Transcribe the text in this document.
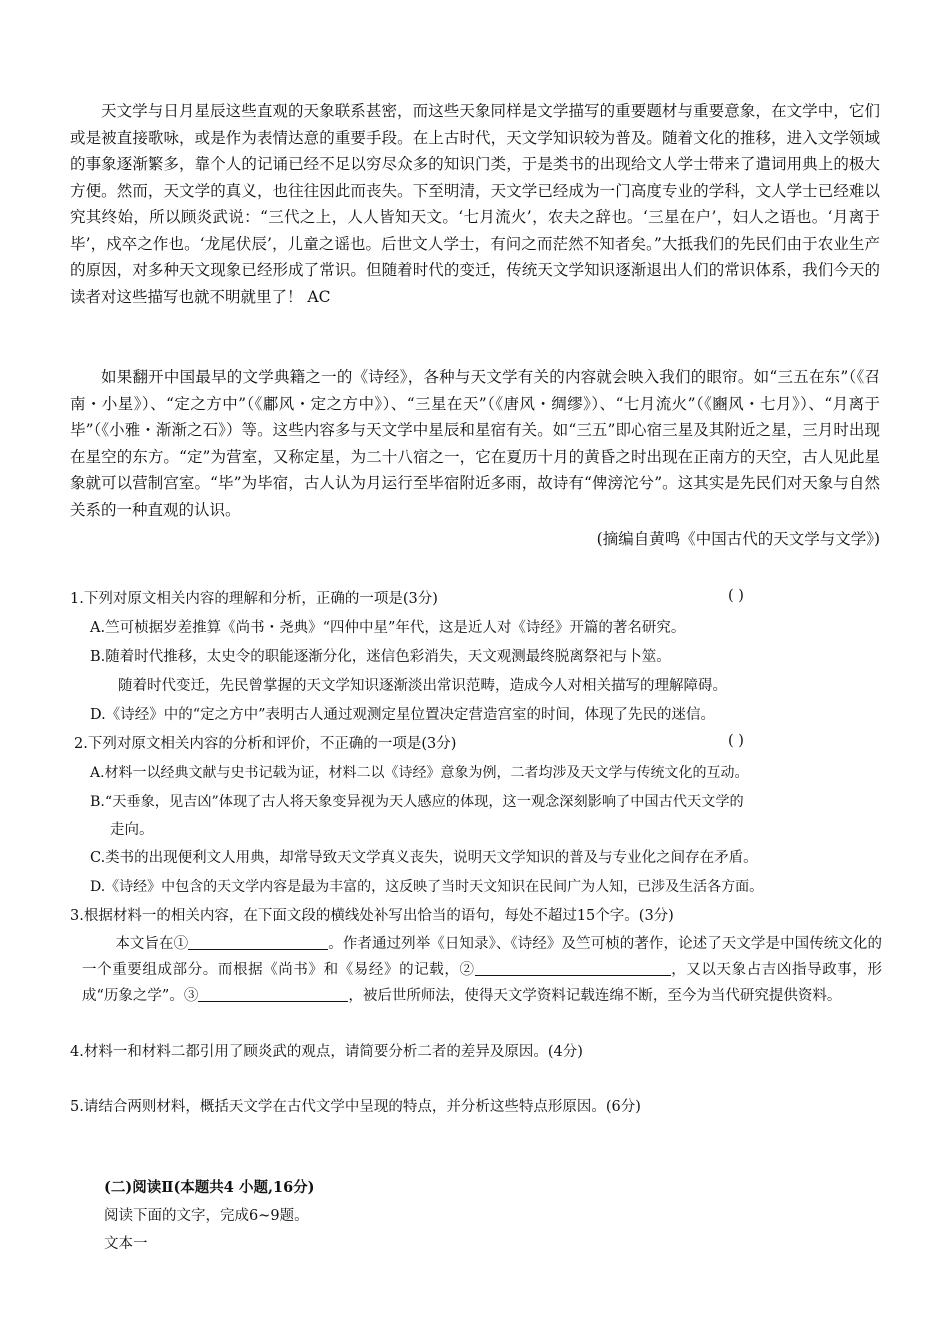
天文学与日月星辰这些直观的天象联系甚密，而这些天象同样是文学描写的重要题材与重要意象，在文学中，它们或是被直接歌咏，或是作为表情达意的重要手段。在上古时代，天文学知识较为普及。随着文化的推移，进入文学领域的事象逐渐繁多，靠个人的记诵已经不足以穷尽众多的知识门类，于是类书的出现给文人学士带来了遣词用典上的极大方便。然而，天文学的真义，也往往因此而丧失。下至明清，天文学已经成为一门高度专业的学科，文人学士已经难以究其终始，所以顾炎武说：“三代之上，人人皆知天文。‘七月流火’，农夫之辞也。‘三星在户’，妇人之语也。‘月离于毕’，戍卒之作也。‘龙尾伏辰’，儿童之谣也。后世文人学士，有问之而茫然不知者矣。”大抵我们的先民们由于农业生产的原因，对多种天文现象已经形成了常识。但随着时代的变迁，传统天文学知识逐渐退出人们的常识体系，我们今天的读者对这些描写也就不明就里了！ AC

如果翻开中国最早的文学典籍之一的《诗经》，各种与天文学有关的内容就会映入我们的眼帘。如“三五在东”（《召南・小星》）、“定之方中”（《鄘风・定之方中》）、“三星在天”（《唐风・绸缪》）、“七月流火”（《豳风・七月》）、“月离于毕”（《小雅・渐渐之石》）等。这些内容多与天文学中星辰和星宿有关。如“三五”即心宿三星及其附近之星，三月时出现在星空的东方。“定”为营室，又称定星，为二十八宿之一，它在夏历十月的黄昏之时出现在正南方的天空，古人见此星象就可以营制宫室。“毕”为毕宿，古人认为月运行至毕宿附近多雨，故诗有“俾滂沱兮”。这其实是先民们对天象与自然关系的一种直观的认识。

(摘编自黄鸣《中国古代的天文学与文学》)
1.下列对原文相关内容的理解和分析，正确的一项是(3分)	( )
A.竺可桢据岁差推算《尚书・尧典》“四仲中星”年代，这是近人对《诗经》开篇的著名研究。
B.随着时代推移，太史令的职能逐渐分化，迷信色彩消失，天文观测最终脱离祭祀与卜筮。
随着时代变迁，先民曾掌握的天文学知识逐渐淡出常识范畴，造成今人对相关描写的理解障碍。
D.《诗经》中的“定之方中”表明古人通过观测定星位置决定营造宫室的时间，体现了先民的迷信。
2.下列对原文相关内容的分析和评价，不正确的一项是(3分)	( )
A.材料一以经典文献与史书记载为证，材料二以《诗经》意象为例，二者均涉及天文学与传统文化的互动。
B.“天垂象，见吉凶”体现了古人将天象变异视为天人感应的体现，这一观念深刻影响了中国古代天文学的
走向。
C.类书的出现便利文人用典，却常导致天文学真义丧失，说明天文学知识的普及与专业化之间存在矛盾。
D.《诗经》中包含的天文学内容是最为丰富的，这反映了当时天文知识在民间广为人知，已涉及生活各方面。
3.根据材料一的相关内容，在下面文段的横线处补写出恰当的语句，每处不超过15个字。(3分)

本文旨在①	。作者通过列举《日知录》、《诗经》及竺可桢的著作，论述了天文学是中国传统文化的一个重要组成部分。而根据《尚书》和《易经》的记载，②	，又以天象占吉凶指导政事，形成“历象之学”。③	，被后世所师法，使得天文学资料记载连绵不断，至今为当代研究提供资料。

4.材料一和材料二都引用了顾炎武的观点，请简要分析二者的差异及原因。(4分)
5.请结合两则材料，概括天文学在古代文学中呈现的特点，并分析这些特点形原因。(6分)
(二)阅读Ⅱ(本题共4 小题,16分)
阅读下面的文字，完成6~9题。
文本一
